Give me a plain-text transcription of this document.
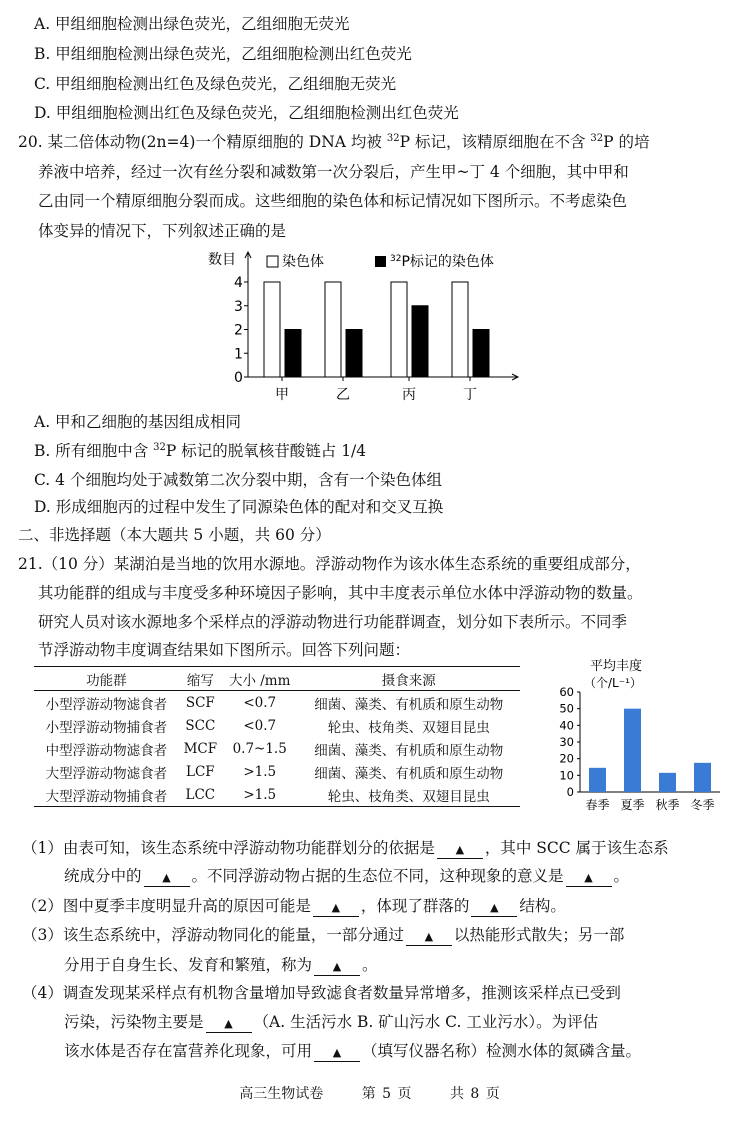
A. 甲组细胞检测出绿色荧光，乙组细胞无荧光
B. 甲组细胞检测出绿色荧光，乙组细胞检测出红色荧光
C. 甲组细胞检测出红色及绿色荧光，乙组细胞无荧光
D. 甲组细胞检测出红色及绿色荧光，乙组细胞检测出红色荧光
20. 某二倍体动物(2n=4)一个精原细胞的 DNA 均被 $^{32}$P 标记，该精原细胞在不含 $^{32}$P 的培
养液中培养，经过一次有丝分裂和减数第一次分裂后，产生甲~丁 4 个细胞，其中甲和
乙由同一个精原细胞分裂而成。这些细胞的染色体和标记情况如下图所示。不考虑染色
体变异的情况下，下列叙述正确的是
数目	染色体	$^{32}$P标记的染色体
0
1
2
3
4
甲	乙	丙	丁
A. 甲和乙细胞的基因组成相同
B. 所有细胞中含 $^{32}$P 标记的脱氧核苷酸链占 1/4
C. 4 个细胞均处于减数第二次分裂中期，含有一个染色体组
D. 形成细胞丙的过程中发生了同源染色体的配对和交叉互换
二、非选择题（本大题共 5 小题，共 60 分）
21.（10 分）某湖泊是当地的饮用水源地。浮游动物作为该水体生态系统的重要组成部分，
其功能群的组成与丰度受多种环境因子影响，其中丰度表示单位水体中浮游动物的数量。
研究人员对该水源地多个采样点的浮游动物进行功能群调查，划分如下表所示。不同季
节浮游动物丰度调查结果如下图所示。回答下列问题：
功能群	缩写	大小 /mm	摄食来源
小型浮游动物滤食者	SCF	<0.7	细菌、藻类、有机质和原生动物
小型浮游动物捕食者	SCC	<0.7	轮虫、枝角类、双翅目昆虫
中型浮游动物滤食者	MCF	0.7~1.5	细菌、藻类、有机质和原生动物
大型浮游动物滤食者	LCF	>1.5	细菌、藻类、有机质和原生动物
大型浮游动物捕食者	LCC	>1.5	轮虫、枝角类、双翅目昆虫
平均丰度
（个/L⁻¹）
0
10
20
30
40
50
60
春季 夏季 秋季 冬季
（1）由表可知，该生态系统中浮游动物功能群划分的依据是 ▲ ，其中 SCC 属于该生态系
统成分中的 ▲ 。不同浮游动物占据的生态位不同，这种现象的意义是 ▲ 。
（2）图中夏季丰度明显升高的原因可能是 ▲ ，体现了群落的 ▲ 结构。
（3）该生态系统中，浮游动物同化的能量，一部分通过 ▲ 以热能形式散失；另一部
分用于自身生长、发育和繁殖，称为 ▲ 。
（4）调查发现某采样点有机物含量增加导致滤食者数量异常增多，推测该采样点已受到
污染，污染物主要是 ▲ （A. 生活污水 B. 矿山污水 C. 工业污水）。为评估
该水体是否存在富营养化现象，可用 ▲ （填写仪器名称）检测水体的氮磷含量。
高三生物试卷	第 5 页	共 8 页
